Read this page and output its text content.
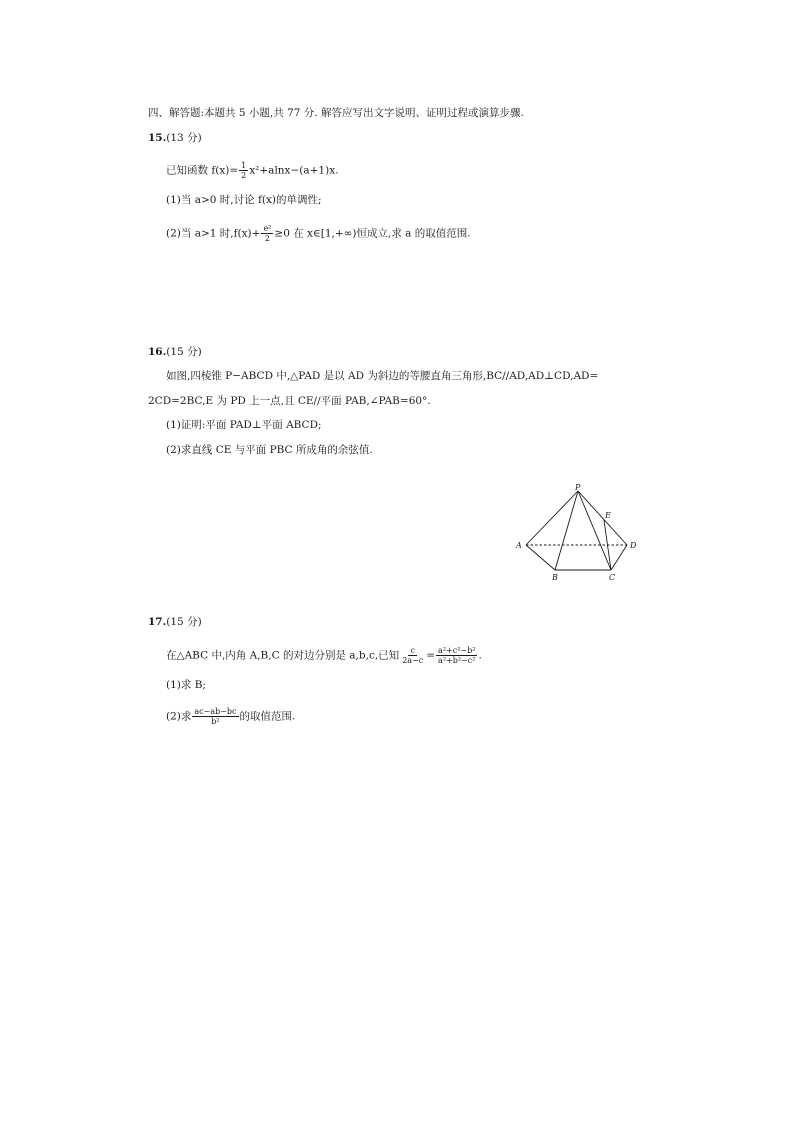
四、解答题:本题共 5 小题,共 77 分. 解答应写出文字说明、证明过程或演算步骤.
15.(13 分)
已知函数 $f(x)= \frac{1}{2} x^2+alnx-(a+1)x$.
(1)当 a>0 时,讨论 f(x)的单调性;
(2)当 a>1 时$,f(x)+ \frac{\text{e²}}{2} \ge 0$ 在 x∈[1,+∞)恒成立,求 a 的取值范围.
16.(15 分)
如图,四棱锥 P−ABCD 中,△PAD 是以 AD 为斜边的等腰直角三角形,BC//AD,AD⊥CD,AD=
2CD=2BC,E 为 PD 上一点,且 CE//平面 PAB,∠PAB=60°.
(1)证明:平面 PAD⊥平面 ABCD;
(2)求直线 CE 与平面 PBC 所成角的余弦值.
P
E
A	D
B	C
17.(15 分)
在△ABC 中,内角 A,B,C 的对边分别是 a,b,c,已知 $\frac{c}{2a-c} = \frac{\text{a²+c²−b²}}{\text{a²+b²−c²}}$ .
(1)求 B;
(2)求 $\frac{ac-ab-bc}{\text{b²}}$ 的取值范围.
